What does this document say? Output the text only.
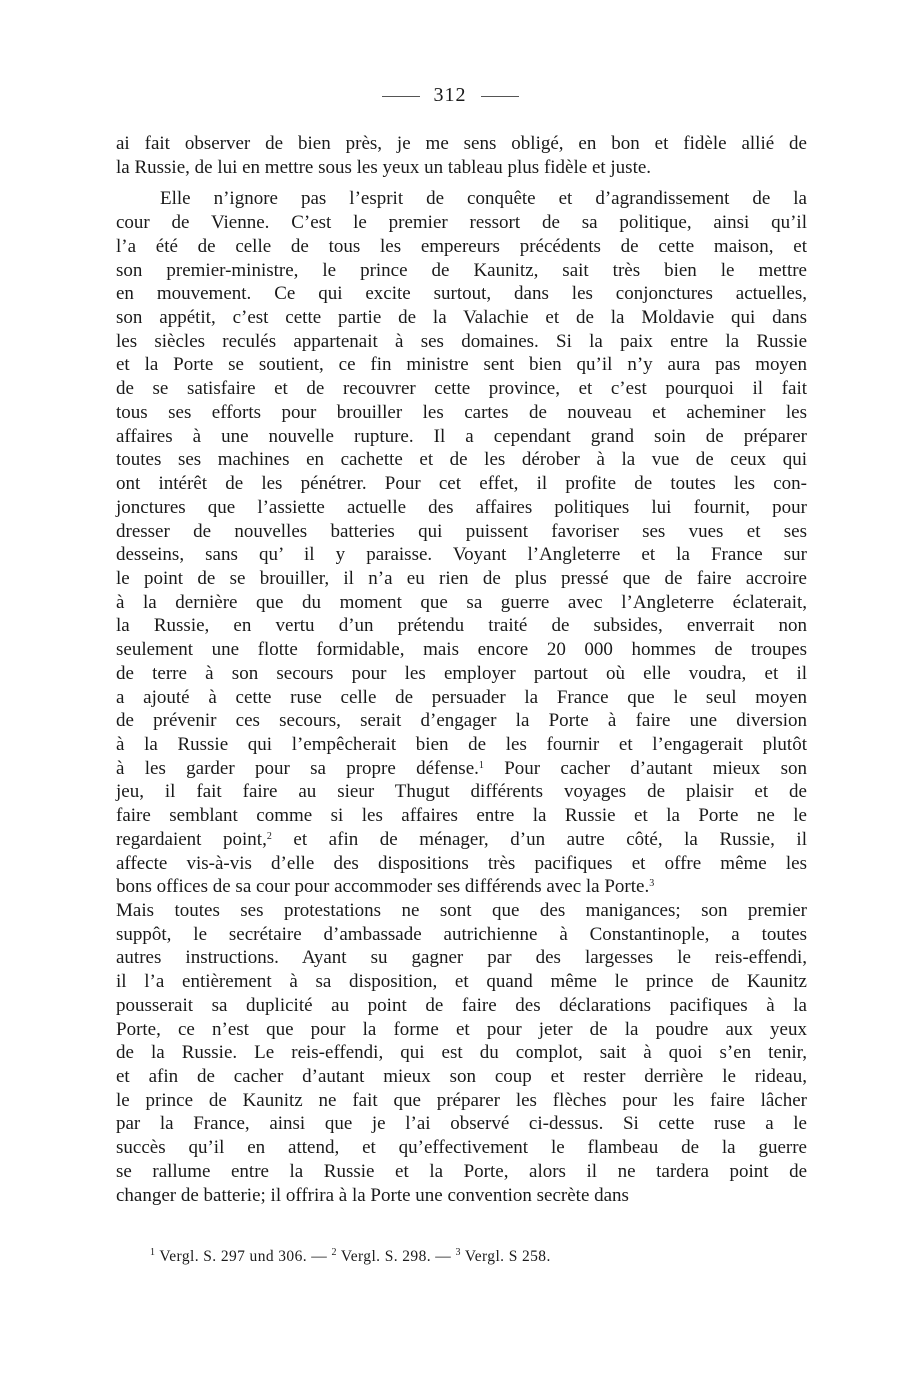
312
ai fait observer de bien près, je me sens obligé, en bon et fidèle allié de
la Russie, de lui en mettre sous les yeux un tableau plus fidèle et juste.
Elle n’ignore pas l’esprit de conquête et d’agrandissement de la
cour de Vienne. C’est le premier ressort de sa politique, ainsi qu’il
l’a été de celle de tous les empereurs précédents de cette maison, et
son premier-ministre, le prince de Kaunitz, sait très bien le mettre
en mouvement. Ce qui excite surtout, dans les conjonctures actuelles,
son appétit, c’est cette partie de la Valachie et de la Moldavie qui dans
les siècles reculés appartenait à ses domaines. Si la paix entre la Russie
et la Porte se soutient, ce fin ministre sent bien qu’il n’y aura pas moyen
de se satisfaire et de recouvrer cette province, et c’est pourquoi il fait
tous ses efforts pour brouiller les cartes de nouveau et acheminer les
affaires à une nouvelle rupture. Il a cependant grand soin de préparer
toutes ses machines en cachette et de les dérober à la vue de ceux qui
ont intérêt de les pénétrer. Pour cet effet, il profite de toutes les con-
jonctures que l’assiette actuelle des affaires politiques lui fournit, pour
dresser de nouvelles batteries qui puissent favoriser ses vues et ses
desseins, sans qu’ il y paraisse. Voyant l’Angleterre et la France sur
le point de se brouiller, il n’a eu rien de plus pressé que de faire accroire
à la dernière que du moment que sa guerre avec l’Angleterre éclaterait,
la Russie, en vertu d’un prétendu traité de subsides, enverrait non
seulement une flotte formidable, mais encore 20 000 hommes de troupes
de terre à son secours pour les employer partout où elle voudra, et il
a ajouté à cette ruse celle de persuader la France que le seul moyen
de prévenir ces secours, serait d’engager la Porte à faire une diversion
à la Russie qui l’empêcherait bien de les fournir et l’engagerait plutôt
à les garder pour sa propre défense.$^1$ Pour cacher d’autant mieux son
jeu, il fait faire au sieur Thugut différents voyages de plaisir et de
faire semblant comme si les affaires entre la Russie et la Porte ne le
regardaient point,$^2$ et afin de ménager, d’un autre côté, la Russie, il
affecte vis-à-vis d’elle des dispositions très pacifiques et offre même les
bons offices de sa cour pour accommoder ses différends avec la Porte.$^3$
Mais toutes ses protestations ne sont que des manigances; son premier
suppôt, le secrétaire d’ambassade autrichienne à Constantinople, a toutes
autres instructions. Ayant su gagner par des largesses le reis-effendi,
il l’a entièrement à sa disposition, et quand même le prince de Kaunitz
pousserait sa duplicité au point de faire des déclarations pacifiques à la
Porte, ce n’est que pour la forme et pour jeter de la poudre aux yeux
de la Russie. Le reis-effendi, qui est du complot, sait à quoi s’en tenir,
et afin de cacher d’autant mieux son coup et rester derrière le rideau,
le prince de Kaunitz ne fait que préparer les flèches pour les faire lâcher
par la France, ainsi que je l’ai observé ci-dessus. Si cette ruse a le
succès qu’il en attend, et qu’effectivement le flambeau de la guerre
se rallume entre la Russie et la Porte, alors il ne tardera point de
changer de batterie; il offrira à la Porte une convention secrète dans
$^1$ Vergl. S. 297 und 306. — $^2$ Vergl. S. 298. — $^3$ Vergl. S 258.
